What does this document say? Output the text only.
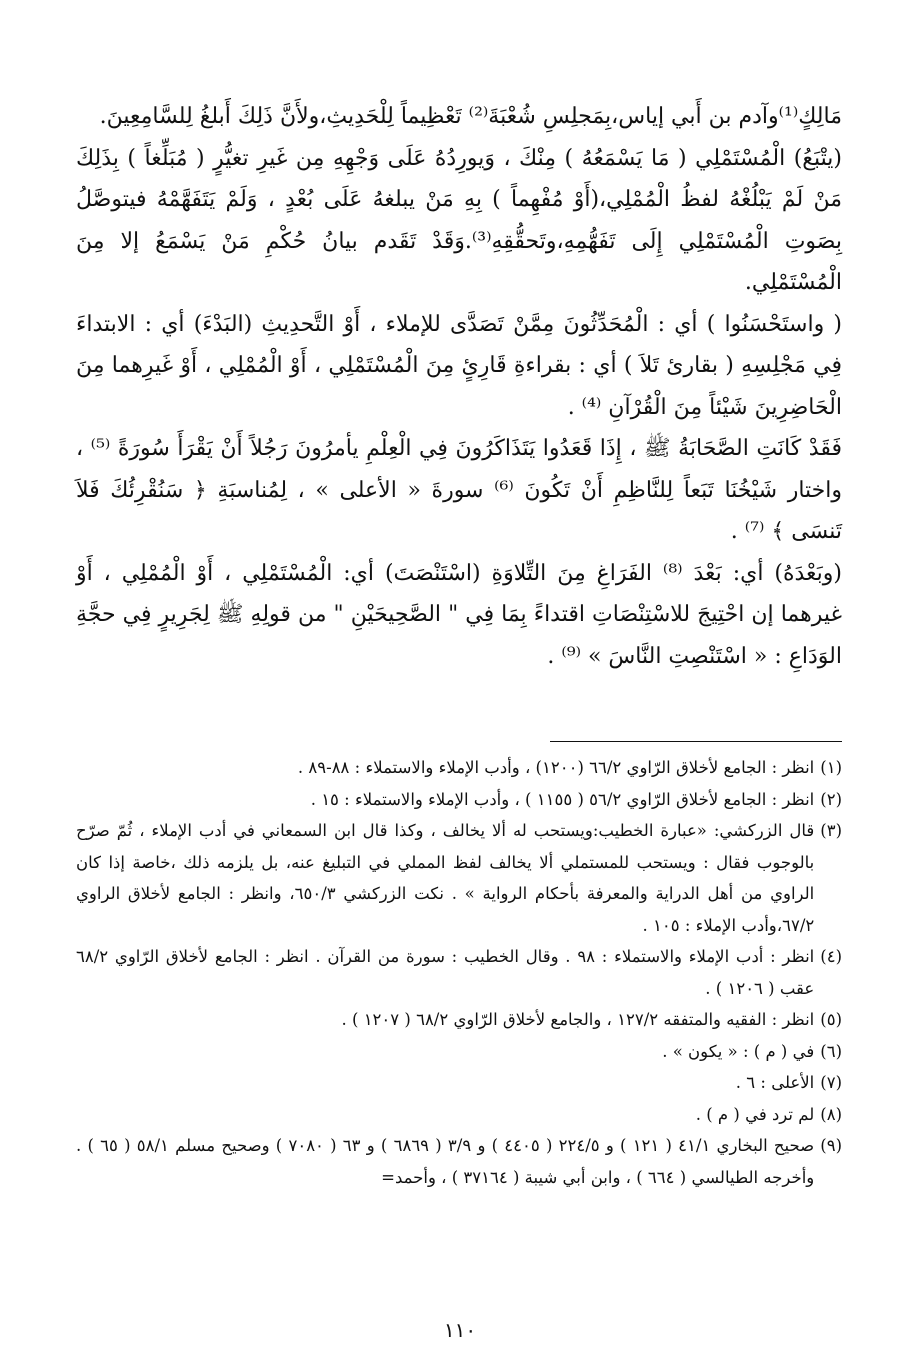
مَالِكٍ⁽¹⁾وآدم بن أَبي إياس،بِمَجلِسِ شُعْبَةَ⁽²⁾ تَعْظِيماً لِلْحَدِيثِ،ولأَنَّ ذَلِكَ أَبلغُ لِلسَّامِعِينَ.

(يتْبَعُ) الْمُسْتَمْلِي ( مَا يَسْمَعُهُ ) مِنْكَ ، وَيورِدُهُ عَلَى وَجْهِهِ مِن غَيرِ تغيُّرٍ ( مُبَلِّغاً ) بِذَلِكَ مَنْ لَمْ يَبْلُغْهُ لفظُ الْمُمْلِي،(أَوْ مُفْهِماً ) بِهِ مَنْ يبلغهُ عَلَى بُعْدٍ ، وَلَمْ يَتَفَهَّمْهُ فيتوصَّلُ بِصَوتِ الْمُسْتَمْلِي إِلَى تَفَهُّمِهِ،وتَحقُّقِهِ⁽³⁾.وَقَدْ تَقَدم بيانُ حُكْمِ مَنْ يَسْمَعُ إلا مِنَ الْمُسْتَمْلِي.

( واستَحْسَنُوا ) أي : الْمُحَدِّثُونَ مِمَّنْ تَصَدَّى للإملاء ، أَوْ التَّحدِيثِ (البَدْءَ) أي : الابتداءَ فِي مَجْلِسِهِ ( بقارئ تَلاَ ) أي : بقراءةِ قَارِئٍ مِنَ الْمُسْتَمْلِي ، أَوْ الْمُمْلِي ، أَوْ غَيرِهما مِنَ الْحَاضِرِينَ شَيْئاً مِنَ الْقُرْآنِ ⁽⁴⁾ .

فَقَدْ كَانَتِ الصَّحَابَةُ ﷺ ، إِذَا قَعَدُوا يَتَذَاكَرُونَ فِي الْعِلْمِ يأمرُونَ رَجُلاً أَنْ يَقْرَأَ سُورَةً ⁽⁵⁾ ، واختار شَيْخُنَا تَبَعاً لِلنَّاظِمِ أَنْ تَكُونَ ⁽⁶⁾ سورةَ « الأعلى » ، لِمُناسبَةِ ﴿ سَنُقْرِئُكَ فَلاَ تَنسَى ﴾ ⁽⁷⁾ .

(وبَعْدَهُ) أي: بَعْدَ ⁽⁸⁾ الفَرَاغِ مِنَ التِّلاوَةِ (اسْتَنْصَتَ) أي: الْمُسْتَمْلِي ، أَوْ الْمُمْلِي ، أَوْ غيرهما إن احْتِيجَ للاسْتِنْصَاتِ اقتداءً بِمَا فِي " الصَّحِيحَيْنِ " من قولِهِ ﷺ لِجَرِيرٍ فِي حجَّةِ الوَدَاعِ : « اسْتَنْصِتِ النَّاسَ » ⁽⁹⁾ .

(١)
انظر : الجامع لأخلاق الرّاوي ٦٦/٢ (١٢٠٠) ، وأدب الإملاء والاستملاء : ٨٨-٨٩ .
(٢)
انظر : الجامع لأخلاق الرّاوي ٥٦/٢ ( ١١٥٥ ) ، وأدب الإملاء والاستملاء : ١٥ .
(٣)
قال الزركشي: «عبارة الخطيب:ويستحب له ألا يخالف ، وكذا قال ابن السمعاني في أدب الإملاء ، ثُمّ صرّح بالوجوب فقال : ويستحب للمستملي ألا يخالف لفظ المملي في التبليغ عنه، بل يلزمه ذلك ،خاصة إذا كان الراوي من أهل الدراية والمعرفة بأحكام الرواية » . نكت الزركشي ٦٥٠/٣، وانظر : الجامع لأخلاق الراوي ٦٧/٢،وأدب الإملاء : ١٠٥ .
(٤)
انظر : أدب الإملاء والاستملاء : ٩٨ . وقال الخطيب : سورة من القرآن . انظر : الجامع لأخلاق الرّاوي ٦٨/٢ عقب ( ١٢٠٦ ) .
(٥)
انظر : الفقيه والمتفقه ١٢٧/٢ ، والجامع لأخلاق الرّاوي ٦٨/٢ ( ١٢٠٧ ) .
(٦)
في ( م ) : « يكون » .
(٧)
الأعلى : ٦ .
(٨)
لم ترد في ( م ) .
(٩)
صحيح البخاري ٤١/١ ( ١٢١ ) و ٢٢٤/٥ ( ٤٤٠٥ ) و ٣/٩ ( ٦٨٦٩ ) و ٦٣ ( ٧٠٨٠ ) وصحيح مسلم ٥٨/١ ( ٦٥ ) . وأخرجه الطيالسي ( ٦٦٤ ) ، وابن أبي شيبة ( ٣٧١٦٤ ) ، وأحمد=
١١٠
